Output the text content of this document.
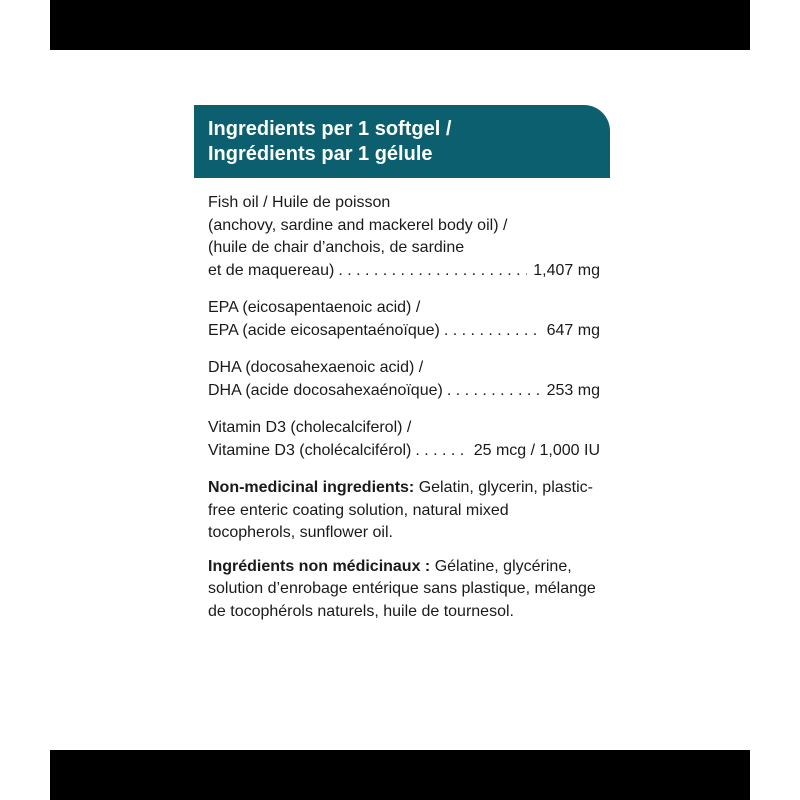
Ingredients per 1 softgel /
Ingrédients par 1 gélule
Fish oil / Huile de poisson
(anchovy, sardine and mackerel body oil) /
(huile de chair d’anchois, de sardine
et de maquereau) . . .	1,407 mg
EPA (eicosapentaenoic acid) /
EPA (acide eicosapentaénoïque) . . .	647 mg
DHA (docosahexaenoic acid) /
DHA (acide docosahexaénoïque) . . .	253 mg
Vitamin D3 (cholecalciferol) /
Vitamine D3 (cholécalciférol) . . .	25 mcg / 1,000 IU

Non-medicinal ingredients: Gelatin, glycerin, plastic-free enteric coating solution, natural mixed tocopherols, sunflower oil.

Ingrédients non médicinaux : Gélatine, glycérine, solution d’enrobage entérique sans plastique, mélange de tocophérols naturels, huile de tournesol.
